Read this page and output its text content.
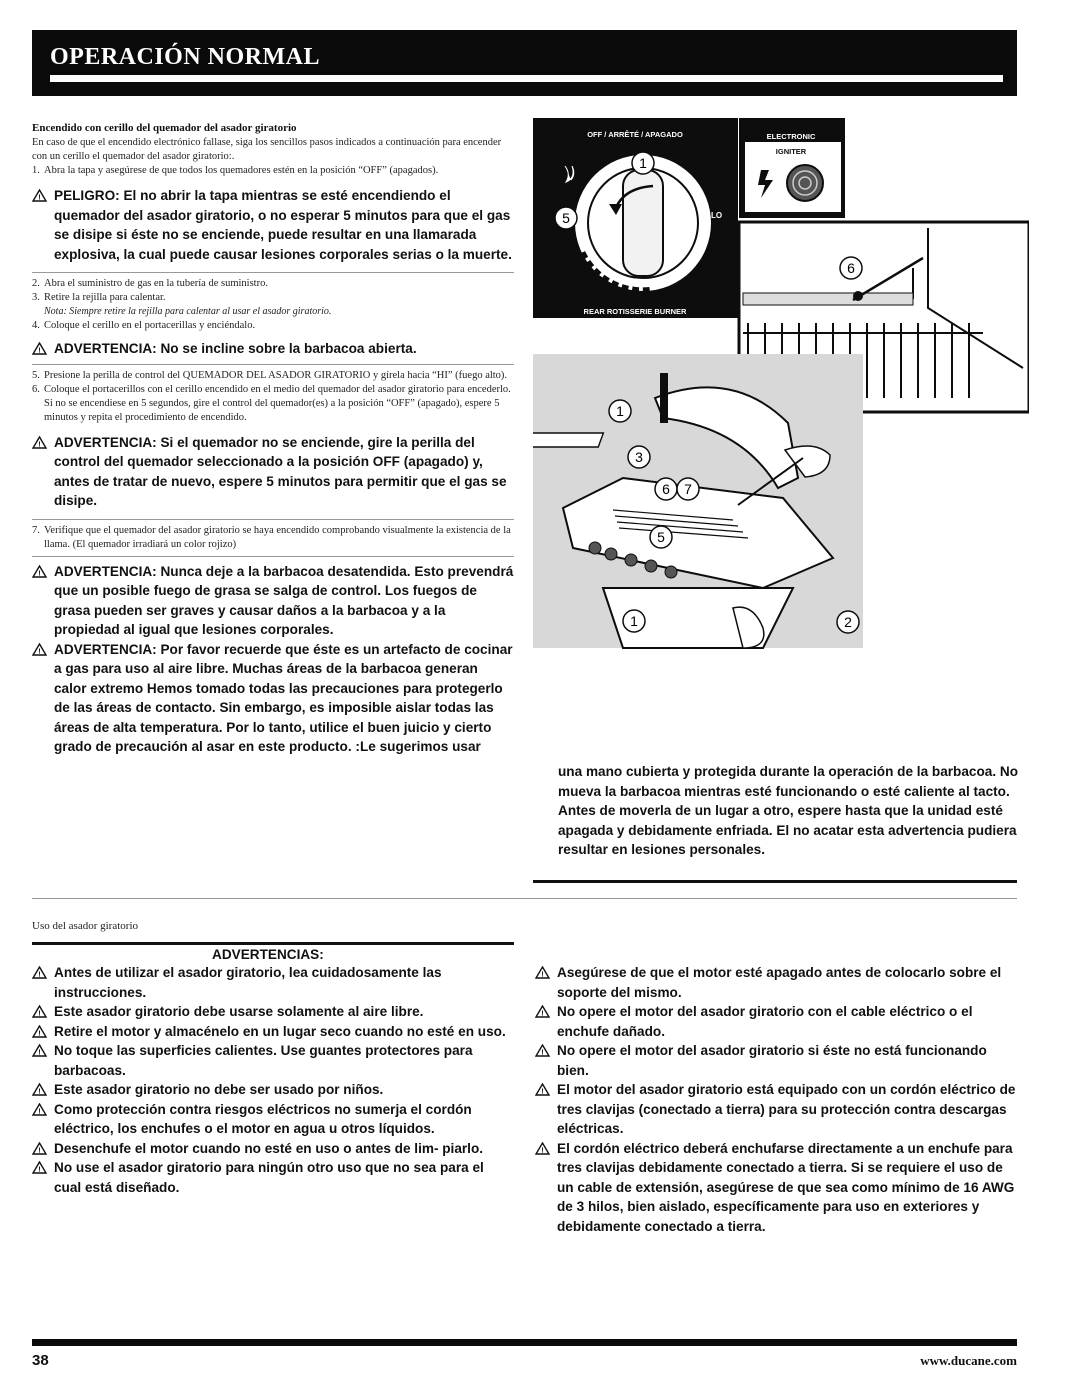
OPERACIÓN NORMAL
Encendido con cerillo del quemador del asador giratorio
En caso de que el encendido electrónico fallase, siga los sencillos pasos indicados a continuación para encender con un cerillo el quemador del asador giratorio:.
1. Abra la tapa y asegúrese de que todos los quemadores estén en la posición “OFF” (apagados).
! PELIGRO: El no abrir la tapa mientras se esté encendiendo el quemador del asador giratorio, o no esperar 5 minutos para que el gas se disipe si éste no se enciende, puede resultar en una llamarada explosiva, la cual puede causar lesiones corporales serias o la muerte.
2. Abra el suministro de gas en la tubería de suministro.
3. Retire la rejilla para calentar.
Nota: Siempre retire la rejilla para calentar al usar el asador giratorio.
4. Coloque el cerillo en el portacerillas y enciéndalo.
! ADVERTENCIA: No se incline sobre la barbacoa abierta.
5. Presione la perilla de control del QUEMADOR DEL ASADOR GIRATORIO y gírela hacia “HI” (fuego alto).
6. Coloque el portacerillos con el cerillo encendido en el medio del quemador del asador giratorio para encederlo. Si no se encendiese en 5 segundos, gire el control del quemador(es) a la posición “OFF” (apagado), espere 5 minutos y repita el procedimiento de encendido.
! ADVERTENCIA: Si el quemador no se enciende, gire la perilla del control del quemador seleccionado a la posición OFF (apagado) y, antes de tratar de nuevo, espere 5 minutos para permitir que el gas se disipe.
7. Verifique que el quemador del asador giratorio se haya encendido comprobando visualmente la existencia de la llama. (El quemador irradiará un color rojizo)
! ADVERTENCIA: Nunca deje a la barbacoa desatendida. Esto prevendrá que un posible fuego de grasa se salga de control. Los fuegos de grasa pueden ser graves y causar daños a la barbacoa y a la propiedad al igual que lesiones corporales.
! ADVERTENCIA: Por favor recuerde que éste es un artefacto de cocinar a gas para uso al aire libre. Muchas áreas de la barbacoa generan calor extremo Hemos tomado todas las precauciones para protegerlo de las áreas de contacto. Sin embargo, es imposible aislar todas las áreas de alta temperatura. Por lo tanto, utilice el buen juicio y cierto grado de precaución al asar en este producto. :Le sugerimos usar
OFF / ARRÊTÉ / APAGADO
1
5
HI
LO
MED
REAR ROTISSERIE BURNER
ELECTRONIC
IGNITER
6
1
3
6 7
5
1	2
una mano cubierta y protegida durante la operación de la barbacoa. No mueva la barbacoa mientras esté funcionando o esté caliente al tacto. Antes de moverla de un lugar a otro, espere hasta que la unidad esté apagada y debidamente enfriada. El no acatar esta advertencia pudiera resultar en lesiones personales.
Uso del asador giratorio
ADVERTENCIAS:
! Antes de utilizar el asador giratorio, lea cuidadosamente las instrucciones.
! Este asador giratorio debe usarse solamente al aire libre.
! Retire el motor y almacénelo en un lugar seco cuando no esté en uso.
! No toque las superficies calientes. Use guantes protectores para barbacoas.
! Este asador giratorio no debe ser usado por niños.
! Como protección contra riesgos eléctricos no sumerja el cordón eléctrico, los enchufes o el motor en agua u otros líquidos.
! Desenchufe el motor cuando no esté en uso o antes de lim- piarlo.
! No use el asador giratorio para ningún otro uso que no sea para el cual está diseñado.
! Asegúrese de que el motor esté apagado antes de colocarlo sobre el soporte del mismo.
! No opere el motor del asador giratorio con el cable eléctrico o el enchufe dañado.
! No opere el motor del asador giratorio si éste no está funcionando bien.
! El motor del asador giratorio está equipado con un cordón eléctrico de tres clavijas (conectado a tierra) para su protección contra descargas eléctricas.
! El cordón eléctrico deberá enchufarse directamente a un enchufe para tres clavijas debidamente conectado a tierra. Si se requiere el uso de un cable de extensión, asegúrese de que sea como mínimo de 16 AWG de 3 hilos, bien aislado, específicamente para uso en exteriores y debidamente conectado a tierra.
38	www.ducane.com
